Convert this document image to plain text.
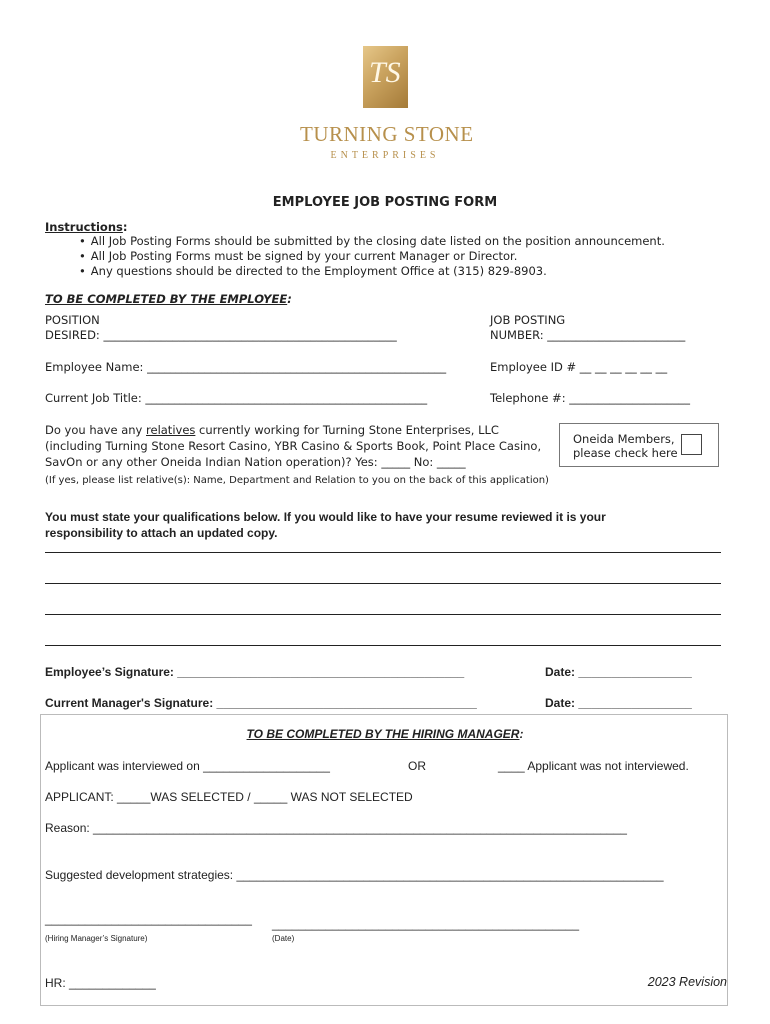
TS
TURNING STONE
ENTERPRISES
EMPLOYEE JOB POSTING FORM
Instructions:
• All Job Posting Forms should be submitted by the closing date listed on the position announcement.
• All Job Posting Forms must be signed by your current Manager or Director.
• Any questions should be directed to the Employment Office at (315) 829-8903.
TO BE COMPLETED BY THE EMPLOYEE:
POSITION
DESIRED: ___________________________________________________
JOB POSTING
NUMBER: ________________________
Employee Name: ____________________________________________________	Employee ID # __ __ __ __ __ __
Current Job Title: _________________________________________________	Telephone #: _____________________
Do you have any relatives currently working for Turning Stone Enterprises, LLC
(including Turning Stone Resort Casino, YBR Casino & Sports Book, Point Place Casino,
SavOn or any other Oneida Indian Nation operation)? Yes: _____ No: _____
(If yes, please list relative(s): Name, Department and Relation to you on the back of this application)
Oneida Members,
please check here
You must state your qualifications below. If you would like to have your resume reviewed it is your
responsibility to attach an updated copy.
Employee’s Signature: ___________________________________________	Date: _________________
Current Manager's Signature: _______________________________________	Date: _________________
TO BE COMPLETED BY THE HIRING MANAGER:
Applicant was interviewed on ___________________	OR	____ Applicant was not interviewed.
APPLICANT: _____WAS SELECTED / _____ WAS NOT SELECTED
Reason: ________________________________________________________________________________
Suggested development strategies: ________________________________________________________________
_______________________________ ______________________________________________
(Hiring Manager’s Signature)	(Date)
HR: _____________	2023 Revision
